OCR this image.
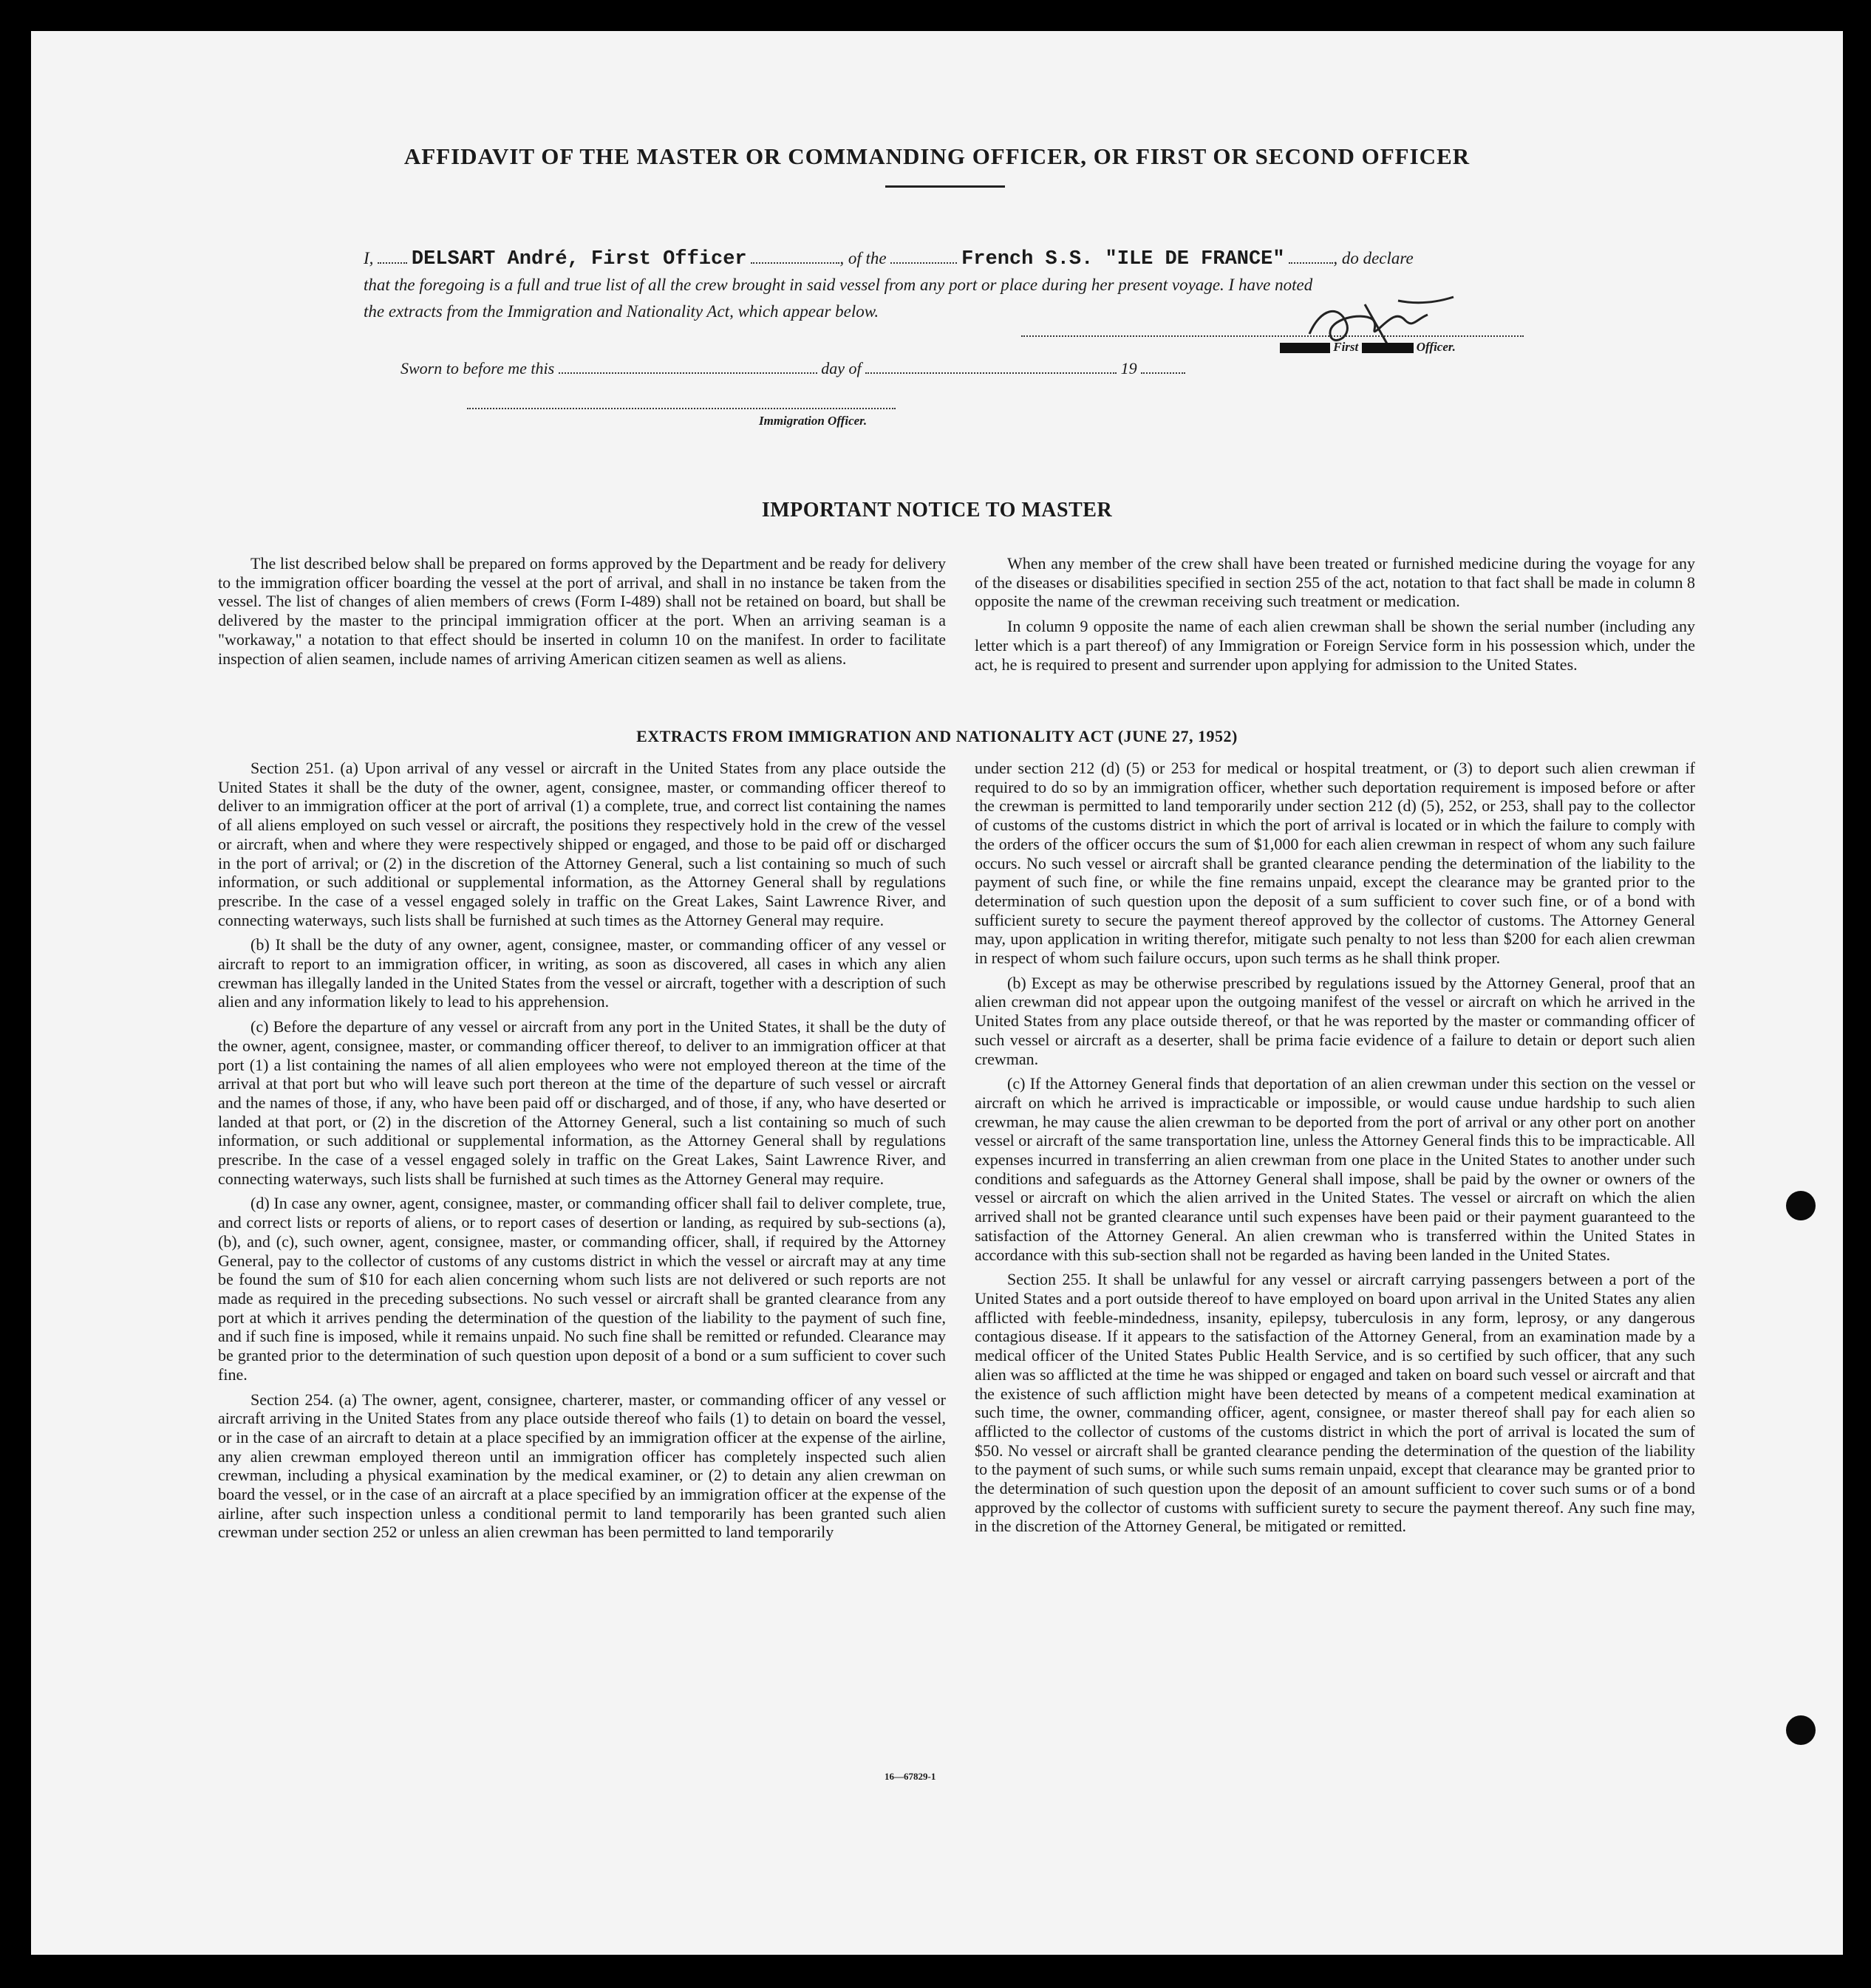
AFFIDAVIT OF THE MASTER OR COMMANDING OFFICER, OR FIRST OR SECOND OFFICER
I, DELSART André, First Officer	, of the	French S.S. "ILE DE FRANCE"	, do declare
that the foregoing is a full and true list of all the crew brought in said vessel from any port or place during her present voyage. I have noted
the extracts from the Immigration and Nationality Act, which appear below.
First	Officer.
Sworn to before me this	day of	19
Immigration Officer.
IMPORTANT NOTICE TO MASTER

The list described below shall be prepared on forms approved by the Department and be ready for delivery to the immigration officer boarding the vessel at the port of arrival, and shall in no instance be taken from the vessel. The list of changes of alien members of crews (Form I-489) shall not be retained on board, but shall be delivered by the master to the principal immigration officer at the port. When an arriving seaman is a "workaway," a notation to that effect should be inserted in column 10 on the manifest. In order to facilitate inspection of alien seamen, include names of arriving American citizen seamen as well as aliens.

When any member of the crew shall have been treated or furnished medicine during the voyage for any of the diseases or disabilities specified in section 255 of the act, notation to that fact shall be made in column 8 opposite the name of the crewman receiving such treatment or medication.

In column 9 opposite the name of each alien crewman shall be shown the serial number (including any letter which is a part thereof) of any Immigration or Foreign Service form in his possession which, under the act, he is required to present and surrender upon applying for admission to the United States.

EXTRACTS FROM IMMIGRATION AND NATIONALITY ACT (JUNE 27, 1952)

Section 251. (a) Upon arrival of any vessel or aircraft in the United States from any place outside the United States it shall be the duty of the owner, agent, consignee, master, or commanding officer thereof to deliver to an immigration officer at the port of arrival (1) a complete, true, and correct list containing the names of all aliens employed on such vessel or aircraft, the positions they respectively hold in the crew of the vessel or aircraft, when and where they were respectively shipped or engaged, and those to be paid off or discharged in the port of arrival; or (2) in the discretion of the Attorney General, such a list containing so much of such information, or such additional or supplemental information, as the Attorney General shall by regulations prescribe. In the case of a vessel engaged solely in traffic on the Great Lakes, Saint Lawrence River, and connecting waterways, such lists shall be furnished at such times as the Attorney General may require.

(b) It shall be the duty of any owner, agent, consignee, master, or commanding officer of any vessel or aircraft to report to an immigration officer, in writing, as soon as discovered, all cases in which any alien crewman has illegally landed in the United States from the vessel or aircraft, together with a description of such alien and any information likely to lead to his apprehension.

(c) Before the departure of any vessel or aircraft from any port in the United States, it shall be the duty of the owner, agent, consignee, master, or commanding officer thereof, to deliver to an immigration officer at that port (1) a list containing the names of all alien employees who were not employed thereon at the time of the arrival at that port but who will leave such port thereon at the time of the departure of such vessel or aircraft and the names of those, if any, who have been paid off or discharged, and of those, if any, who have deserted or landed at that port, or (2) in the discretion of the Attorney General, such a list containing so much of such information, or such additional or supplemental information, as the Attorney General shall by regulations prescribe. In the case of a vessel engaged solely in traffic on the Great Lakes, Saint Lawrence River, and connecting waterways, such lists shall be furnished at such times as the Attorney General may require.

(d) In case any owner, agent, consignee, master, or commanding officer shall fail to deliver complete, true, and correct lists or reports of aliens, or to report cases of desertion or landing, as required by sub-sections (a), (b), and (c), such owner, agent, consignee, master, or commanding officer, shall, if required by the Attorney General, pay to the collector of customs of any customs district in which the vessel or aircraft may at any time be found the sum of $10 for each alien concerning whom such lists are not delivered or such reports are not made as required in the preceding subsections. No such vessel or aircraft shall be granted clearance from any port at which it arrives pending the determination of the question of the liability to the payment of such fine, and if such fine is imposed, while it remains unpaid. No such fine shall be remitted or refunded. Clearance may be granted prior to the determination of such question upon deposit of a bond or a sum sufficient to cover such fine.

Section 254. (a) The owner, agent, consignee, charterer, master, or commanding officer of any vessel or aircraft arriving in the United States from any place outside thereof who fails (1) to detain on board the vessel, or in the case of an aircraft to detain at a place specified by an immigration officer at the expense of the airline, any alien crewman employed thereon until an immigration officer has completely inspected such alien crewman, including a physical examination by the medical examiner, or (2) to detain any alien crewman on board the vessel, or in the case of an aircraft at a place specified by an immigration officer at the expense of the airline, after such inspection unless a conditional permit to land temporarily has been granted such alien crewman under section 252 or unless an alien crewman has been permitted to land temporarily

under section 212 (d) (5) or 253 for medical or hospital treatment, or (3) to deport such alien crewman if required to do so by an immigration officer, whether such deportation requirement is imposed before or after the crewman is permitted to land temporarily under section 212 (d) (5), 252, or 253, shall pay to the collector of customs of the customs district in which the port of arrival is located or in which the failure to comply with the orders of the officer occurs the sum of $1,000 for each alien crewman in respect of whom any such failure occurs. No such vessel or aircraft shall be granted clearance pending the determination of the liability to the payment of such fine, or while the fine remains unpaid, except the clearance may be granted prior to the determination of such question upon the deposit of a sum sufficient to cover such fine, or of a bond with sufficient surety to secure the payment thereof approved by the collector of customs. The Attorney General may, upon application in writing therefor, mitigate such penalty to not less than $200 for each alien crewman in respect of whom such failure occurs, upon such terms as he shall think proper.

(b) Except as may be otherwise prescribed by regulations issued by the Attorney General, proof that an alien crewman did not appear upon the outgoing manifest of the vessel or aircraft on which he arrived in the United States from any place outside thereof, or that he was reported by the master or commanding officer of such vessel or aircraft as a deserter, shall be prima facie evidence of a failure to detain or deport such alien crewman.

(c) If the Attorney General finds that deportation of an alien crewman under this section on the vessel or aircraft on which he arrived is impracticable or impossible, or would cause undue hardship to such alien crewman, he may cause the alien crewman to be deported from the port of arrival or any other port on another vessel or aircraft of the same transportation line, unless the Attorney General finds this to be impracticable. All expenses incurred in transferring an alien crewman from one place in the United States to another under such conditions and safeguards as the Attorney General shall impose, shall be paid by the owner or owners of the vessel or aircraft on which the alien arrived in the United States. The vessel or aircraft on which the alien arrived shall not be granted clearance until such expenses have been paid or their payment guaranteed to the satisfaction of the Attorney General. An alien crewman who is transferred within the United States in accordance with this sub-section shall not be regarded as having been landed in the United States.

Section 255. It shall be unlawful for any vessel or aircraft carrying passengers between a port of the United States and a port outside thereof to have employed on board upon arrival in the United States any alien afflicted with feeble-mindedness, insanity, epilepsy, tuberculosis in any form, leprosy, or any dangerous contagious disease. If it appears to the satisfaction of the Attorney General, from an examination made by a medical officer of the United States Public Health Service, and is so certified by such officer, that any such alien was so afflicted at the time he was shipped or engaged and taken on board such vessel or aircraft and that the existence of such affliction might have been detected by means of a competent medical examination at such time, the owner, commanding officer, agent, consignee, or master thereof shall pay for each alien so afflicted to the collector of customs of the customs district in which the port of arrival is located the sum of $50. No vessel or aircraft shall be granted clearance pending the determination of the question of the liability to the payment of such sums, or while such sums remain unpaid, except that clearance may be granted prior to the determination of such question upon the deposit of an amount sufficient to cover such sums or of a bond approved by the collector of customs with sufficient surety to secure the payment thereof. Any such fine may, in the discretion of the Attorney General, be mitigated or remitted.

16—67829-1
